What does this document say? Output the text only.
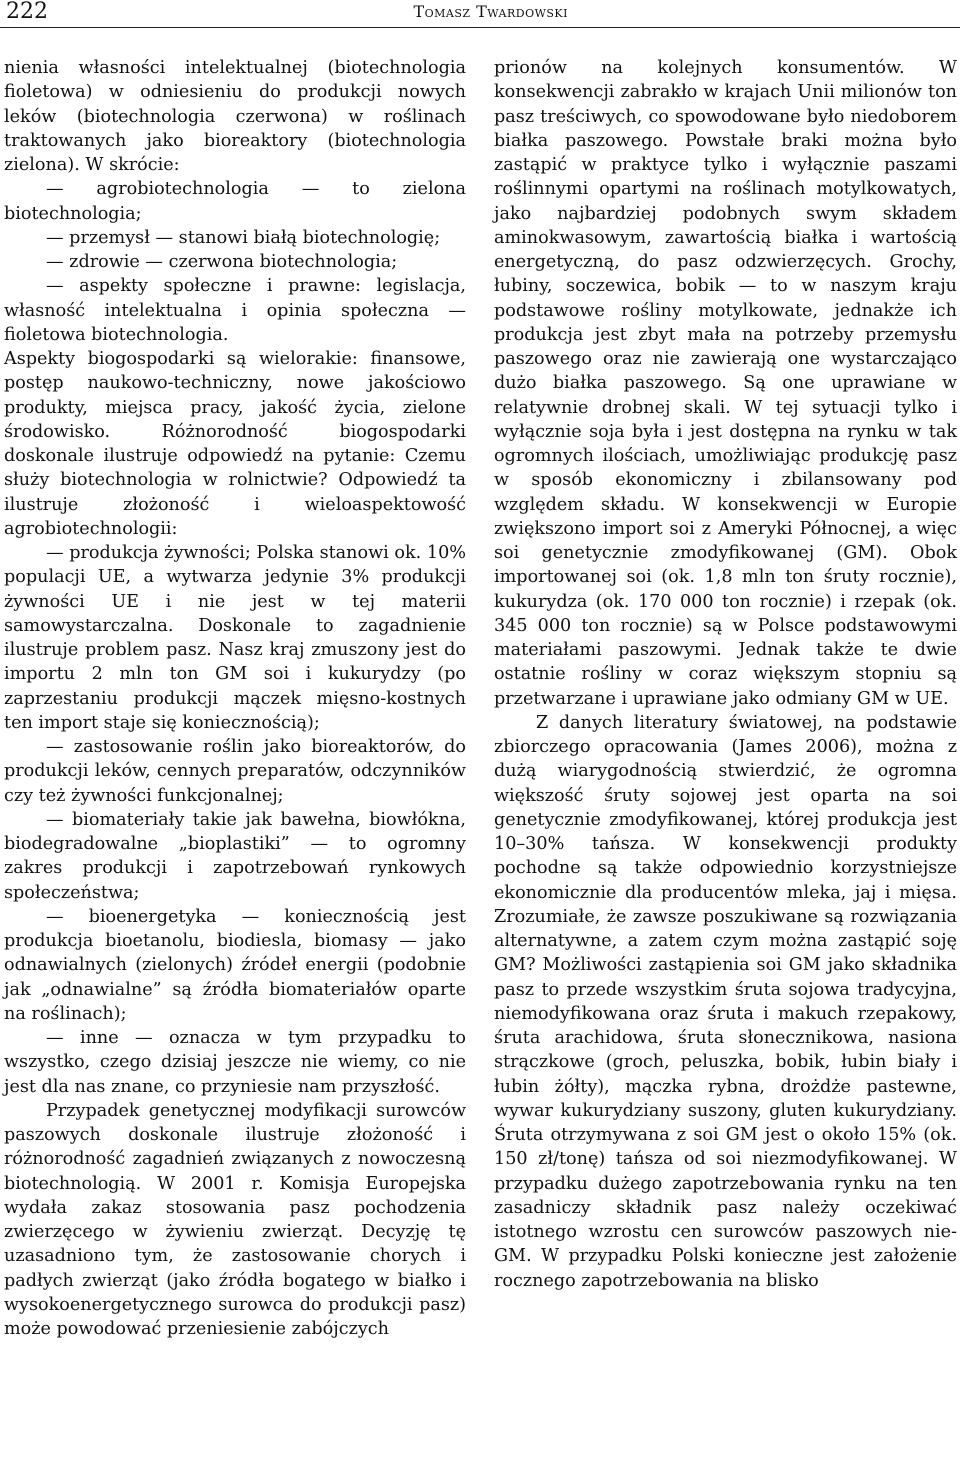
222	Tomasz Twardowski

nienia własności intelektualnej (biotechnologia fioletowa) w odniesieniu do produkcji nowych leków (biotechnologia czerwona) w roślinach traktowanych jako bioreaktory (biotechnologia zielona). W skrócie:

— agrobiotechnologia — to zielona biotechnologia;

— przemysł — stanowi białą biotechnologię;

— zdrowie — czerwona biotechnologia;

— aspekty społeczne i prawne: legislacja, własność intelektualna i opinia społeczna — fioletowa biotechnologia.

Aspekty biogospodarki są wielorakie: finansowe, postęp naukowo-techniczny, nowe jakościowo produkty, miejsca pracy, jakość życia, zielone środowisko. Różnorodność biogospodarki doskonale ilustruje odpowiedź na pytanie: Czemu służy biotechnologia w rolnictwie? Odpowiedź ta ilustruje złożoność i wieloaspektowość agrobiotechnologii:

— produkcja żywności; Polska stanowi ok. 10% populacji UE, a wytwarza jedynie 3% produkcji żywności UE i nie jest w tej materii samowystarczalna. Doskonale to zagadnienie ilustruje problem pasz. Nasz kraj zmuszony jest do importu 2 mln ton GM soi i kukurydzy (po zaprzestaniu produkcji mączek mięsno-kostnych ten import staje się koniecznością);

— zastosowanie roślin jako bioreaktorów, do produkcji leków, cennych preparatów, odczynników czy też żywności funkcjonalnej;

— biomateriały takie jak bawełna, biowłókna, biodegradowalne „bioplastiki” — to ogromny zakres produkcji i zapotrzebowań rynkowych społeczeństwa;

— bioenergetyka — koniecznością jest produkcja bioetanolu, biodiesla, biomasy — jako odnawialnych (zielonych) źródeł energii (podobnie jak „odnawialne” są źródła biomateriałów oparte na roślinach);

— inne — oznacza w tym przypadku to wszystko, czego dzisiaj jeszcze nie wiemy, co nie jest dla nas znane, co przyniesie nam przyszłość.

Przypadek genetycznej modyfikacji surowców paszowych doskonale ilustruje złożoność i różnorodność zagadnień związanych z nowoczesną biotechnologią. W 2001 r. Komisja Europejska wydała zakaz stosowania pasz pochodzenia zwierzęcego w żywieniu zwierząt. Decyzję tę uzasadniono tym, że zastosowanie chorych i padłych zwierząt (jako źródła bogatego w białko i wysokoenergetycznego surowca do produkcji pasz) może powodować przeniesienie zabójczych

prionów na kolejnych konsumentów. W konsekwencji zabrakło w krajach Unii milionów ton pasz treściwych, co spowodowane było niedoborem białka paszowego. Powstałe braki można było zastąpić w praktyce tylko i wyłącznie paszami roślinnymi opartymi na roślinach motylkowatych, jako najbardziej podobnych swym składem aminokwasowym, zawartością białka i wartością energetyczną, do pasz odzwierzęcych. Grochy, łubiny, soczewica, bobik — to w naszym kraju podstawowe rośliny motylkowate, jednakże ich produkcja jest zbyt mała na potrzeby przemysłu paszowego oraz nie zawierają one wystarczająco dużo białka paszowego. Są one uprawiane w relatywnie drobnej skali. W tej sytuacji tylko i wyłącznie soja była i jest dostępna na rynku w tak ogromnych ilościach, umożliwiając produkcję pasz w sposób ekonomiczny i zbilansowany pod względem składu. W konsekwencji w Europie zwiększono import soi z Ameryki Północnej, a więc soi genetycznie zmodyfikowanej (GM). Obok importowanej soi (ok. 1,8 mln ton śruty rocznie), kukurydza (ok. 170 000 ton rocznie) i rzepak (ok. 345 000 ton rocznie) są w Polsce podstawowymi materiałami paszowymi. Jednak także te dwie ostatnie rośliny w coraz większym stopniu są przetwarzane i uprawiane jako odmiany GM w UE.

Z danych literatury światowej, na podstawie zbiorczego opracowania (James 2006), można z dużą wiarygodnością stwierdzić, że ogromna większość śruty sojowej jest oparta na soi genetycznie zmodyfikowanej, której produkcja jest 10–30% tańsza. W konsekwencji produkty pochodne są także odpowiednio korzystniejsze ekonomicznie dla producentów mleka, jaj i mięsa. Zrozumiałe, że zawsze poszukiwane są rozwiązania alternatywne, a zatem czym można zastąpić soję GM? Możliwości zastąpienia soi GM jako składnika pasz to przede wszystkim śruta sojowa tradycyjna, niemodyfikowana oraz śruta i makuch rzepakowy, śruta arachidowa, śruta słonecznikowa, nasiona strączkowe (groch, peluszka, bobik, łubin biały i łubin żółty), mączka rybna, drożdże pastewne, wywar kukurydziany suszony, gluten kukurydziany. Śruta otrzymywana z soi GM jest o około 15% (ok. 150 zł/tonę) tańsza od soi niezmodyfikowanej. W przypadku dużego zapotrzebowania rynku na ten zasadniczy składnik pasz należy oczekiwać istotnego wzrostu cen surowców paszowych nie-GM. W przypadku Polski konieczne jest założenie rocznego zapotrzebowania na blisko
